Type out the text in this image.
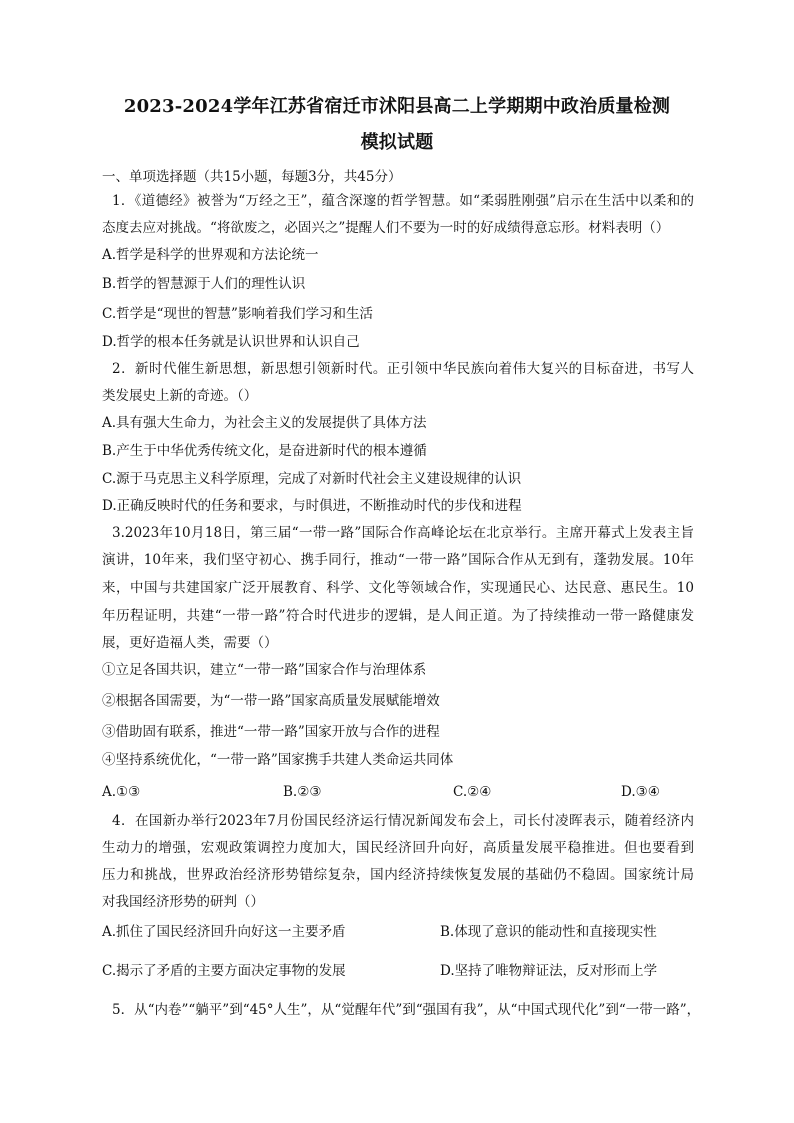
2023-2024学年江苏省宿迁市沭阳县高二上学期期中政治质量检测
模拟试题
一、单项选择题（共15小题，每题3分，共45分）
1．《道德经》被誉为“万经之王”，蕴含深邃的哲学智慧。如“柔弱胜刚强”启示在生活中以柔和的
态度去应对挑战。“将欲废之，必固兴之”提醒人们不要为一时的好成绩得意忘形。材料表明（）
A.哲学是科学的世界观和方法论统一
B.哲学的智慧源于人们的理性认识
C.哲学是“现世的智慧”影响着我们学习和生活
D.哲学的根本任务就是认识世界和认识自己
2．新时代催生新思想，新思想引领新时代。正引领中华民族向着伟大复兴的目标奋进，书写人
类发展史上新的奇迹。（）
A.具有强大生命力，为社会主义的发展提供了具体方法
B.产生于中华优秀传统文化，是奋进新时代的根本遵循
C.源于马克思主义科学原理，完成了对新时代社会主义建设规律的认识
D.正确反映时代的任务和要求，与时俱进，不断推动时代的步伐和进程
3.2023年10月18日，第三届“一带一路”国际合作高峰论坛在北京举行。主席开幕式上发表主旨
演讲，10年来，我们坚守初心、携手同行，推动“一带一路”国际合作从无到有，蓬勃发展。10年
来，中国与共建国家广泛开展教育、科学、文化等领域合作，实现通民心、达民意、惠民生。10
年历程证明，共建“一带一路”符合时代进步的逻辑，是人间正道。为了持续推动一带一路健康发
展，更好造福人类，需要（）
①立足各国共识，建立“一带一路”国家合作与治理体系
②根据各国需要，为“一带一路”国家高质量发展赋能增效
③借助固有联系，推进“一带一路”国家开放与合作的进程
④坚持系统优化，“一带一路”国家携手共建人类命运共同体
A.①③	B.②③	C.②④	D.③④
4．在国新办举行2023年7月份国民经济运行情况新闻发布会上，司长付凌晖表示，随着经济内
生动力的增强，宏观政策调控力度加大，国民经济回升向好，高质量发展平稳推进。但也要看到
压力和挑战，世界政治经济形势错综复杂，国内经济持续恢复发展的基础仍不稳固。国家统计局
对我国经济形势的研判（）
A.抓住了国民经济回升向好这一主要矛盾	B.体现了意识的能动性和直接现实性
C.揭示了矛盾的主要方面决定事物的发展	D.坚持了唯物辩证法，反对形而上学
5．从“内卷”“躺平”到“45°人生”，从“觉醒年代”到“强国有我”，从“中国式现代化”到“一带一路”，
